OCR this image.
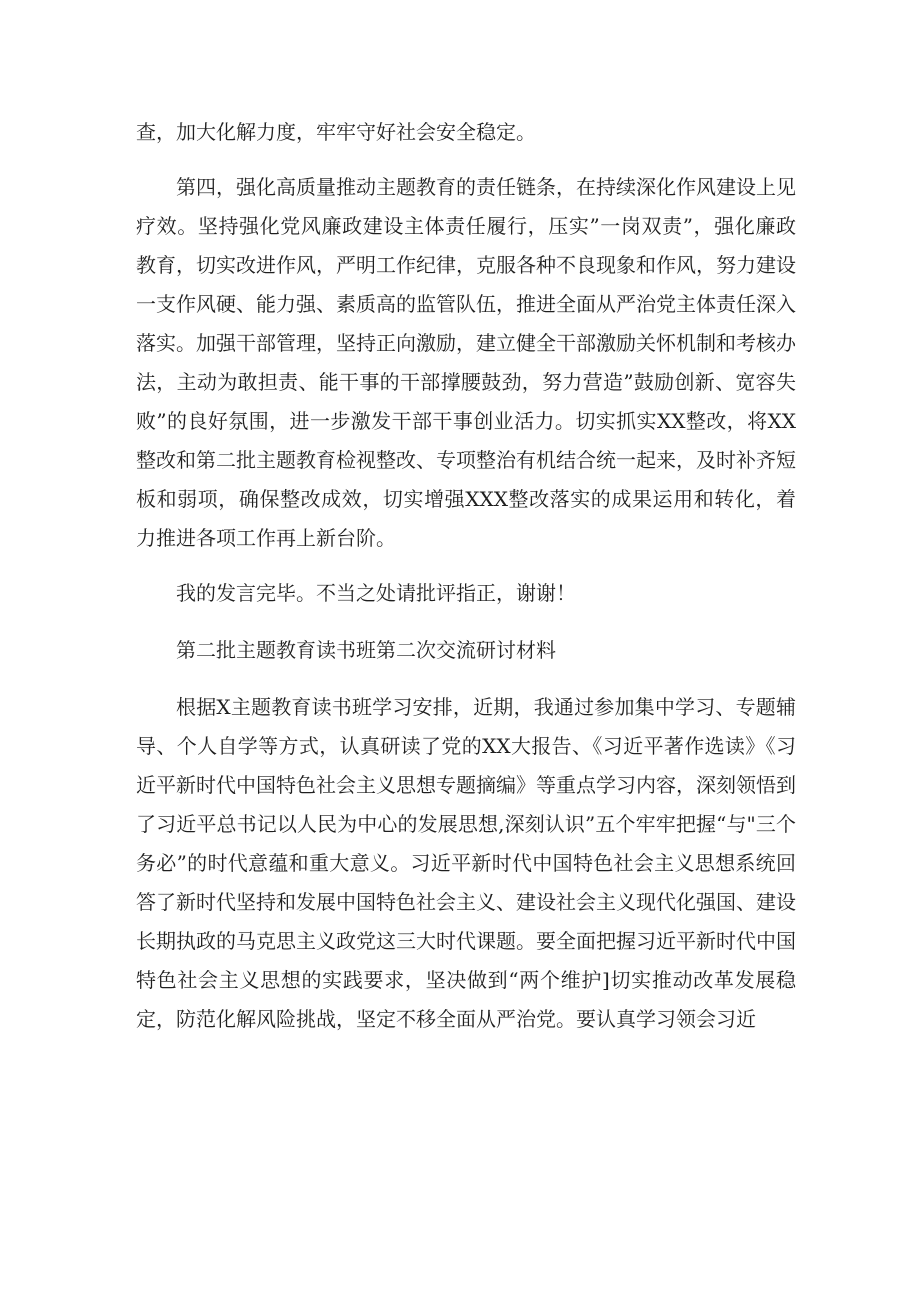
查，加大化解力度，牢牢守好社会安全稳定。

第四，强化高质量推动主题教育的责任链条，在持续深化作风建设上见疗效。坚持强化党风廉政建设主体责任履行，压实”一岗双责”，强化廉政教育，切实改进作风，严明工作纪律，克服各种不良现象和作风，努力建设一支作风硬、能力强、素质高的监管队伍，推进全面从严治党主体责任深入落实。加强干部管理，坚持正向激励，建立健全干部激励关怀机制和考核办法，主动为敢担责、能干事的干部撑腰鼓劲，努力营造”鼓励创新、宽容失败”的良好氛围，进一步激发干部干事创业活力。切实抓实XX整改，将XX整改和第二批主题教育检视整改、专项整治有机结合统一起来，及时补齐短板和弱项，确保整改成效，切实增强XXX整改落实的成果运用和转化，着力推进各项工作再上新台阶。

我的发言完毕。不当之处请批评指正，谢谢！

第二批主题教育读书班第二次交流研讨材料

根据X主题教育读书班学习安排，近期，我通过参加集中学习、专题辅导、个人自学等方式，认真研读了党的XX大报告、《习近平著作选读》《习近平新时代中国特色社会主义思想专题摘编》等重点学习内容，深刻领悟到了习近平总书记以人民为中心的发展思想,深刻认识”五个牢牢把握“与"三个务必”的时代意蕴和重大意义。习近平新时代中国特色社会主义思想系统回答了新时代坚持和发展中国特色社会主义、建设社会主义现代化强国、建设长期执政的马克思主义政党这三大时代课题。要全面把握习近平新时代中国特色社会主义思想的实践要求，坚决做到“两个维护]切实推动改革发展稳定，防范化解风险挑战，坚定不移全面从严治党。要认真学习领会习近
